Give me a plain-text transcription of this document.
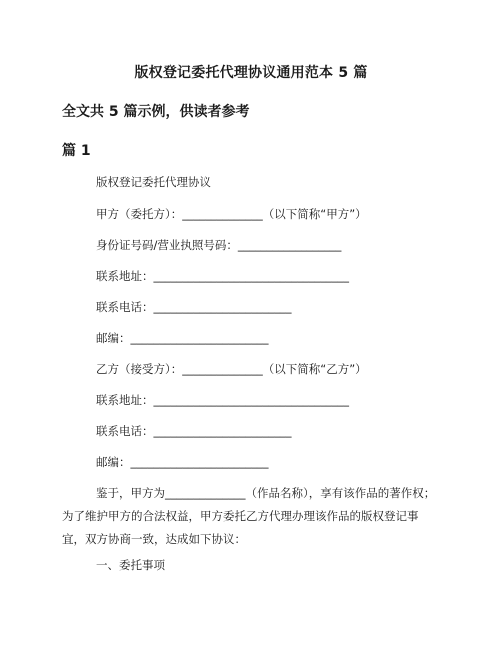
版权登记委托代理协议通用范本 5 篇
全文共 5 篇示例，供读者参考
篇 1
版权登记委托代理协议
甲方（委托方）：______________（以下简称“甲方”）
身份证号码/营业执照号码：__________________
联系地址：__________________________________
联系电话：________________________
邮编：________________________
乙方（接受方）：______________（以下简称“乙方”）
联系地址：__________________________________
联系电话：________________________
邮编：________________________
鉴于，甲方为______________（作品名称），享有该作品的著作权；为了维护甲方的合法权益，甲方委托乙方代理办理该作品的版权登记事宜，双方协商一致，达成如下协议：
一、委托事项
